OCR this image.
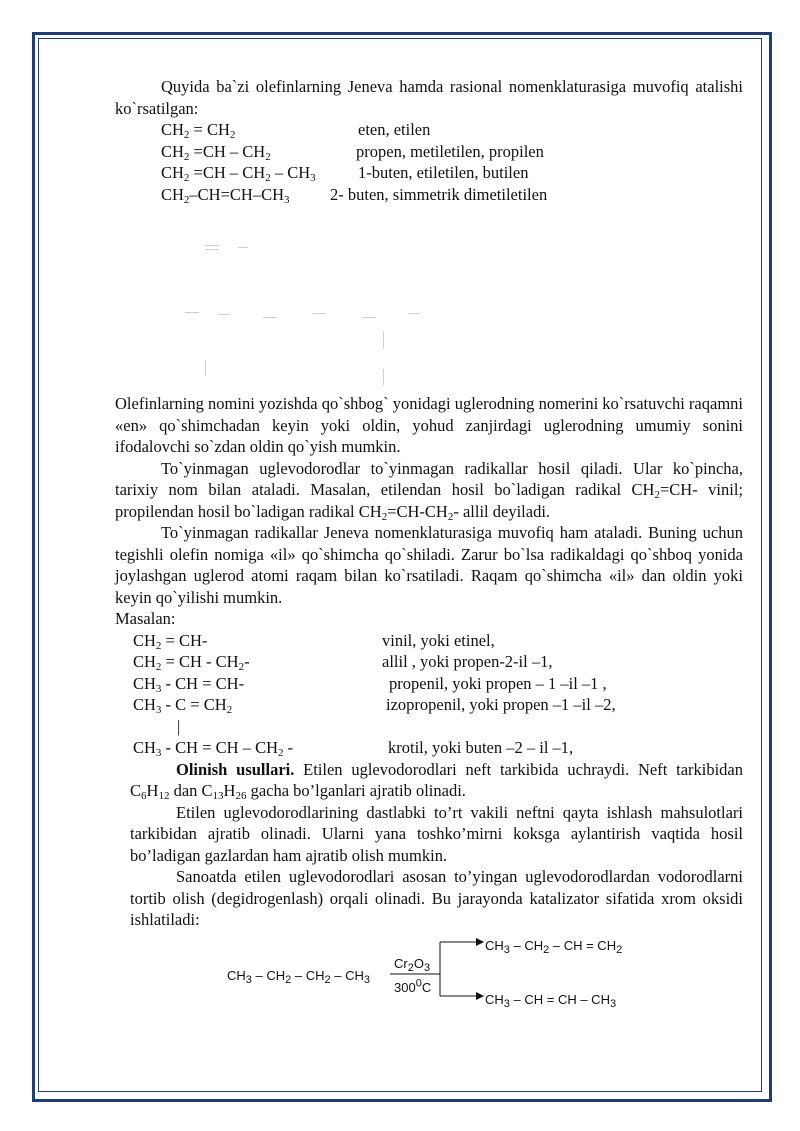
Quyida ba`zi olefinlarning Jeneva hamda rasional nomenklaturasiga muvofiq atalishi ko`rsatilgan:

$CH_2 = CH_2$	eten, etilen
$CH_2 =CH - CH_2$	propen, metiletilen, propilen
$CH_2 =CH - CH_2 - CH_3$	1-buten, etiletilen, butilen
$CH_2-CH=CH-CH_3$ 2- buten, simmetrik dimetiletilen

Olefinlarning nomini yozishda qo`shbog` yonidagi uglerodning nomerini ko`rsatuvchi raqamni «en» qo`shimchadan keyin yoki oldin, yohud zanjirdagi uglerodning umumiy sonini ifodalovchi so`zdan oldin qo`yish mumkin.

To`yinmagan uglevodorodlar to`yinmagan radikallar hosil qiladi. Ular ko`pincha, tarixiy nom bilan ataladi. Masalan, etilendan hosil bo`ladigan radikal $CH_2=CH-$ vinil; propilendan hosil bo`ladigan radikal $CH_2=CH-CH_2-$ allil deyiladi.

To`yinmagan radikallar Jeneva nomenklaturasiga muvofiq ham ataladi. Buning uchun tegishli olefin nomiga «il» qo`shimcha qo`shiladi. Zarur bo`lsa radikaldagi qo`shboq yonida joylashgan uglerod atomi raqam bilan ko`rsatiladi. Raqam qo`shimcha «il» dan oldin yoki keyin qo`yilishi mumkin.

Masalan:

$CH_2 = CH-$	vinil, yoki etinel,
$CH_2$ = CH - $CH_2-$	allil , yoki propen-2-il –1,
$CH_3$ - CH = CH-	propenil, yoki propen – 1 –il –1 ,
$CH_3 - C = CH_2$	izopropenil, yoki propen –1 –il –2,
|
$CH_3$ - CH = CH – $CH_2$ -	krotil, yoki buten –2 – il –1,

Olinish usullari. Etilen uglevodorodlari neft tarkibida uchraydi. Neft tarkibidan $C_6H_{12}$ dan $C_{13}H_{26}$ gacha bo’lganlari ajratib olinadi.

Etilen uglevodorodlarining dastlabki to’rt vakili neftni qayta ishlash mahsulotlari tarkibidan ajratib olinadi. Ularni yana toshko’mirni koksga aylantirish vaqtida hosil bo’ladigan gazlardan ham ajratib olish mumkin.

Sanoatda etilen uglevodorodlari asosan to’yingan uglevodorodlardan vodorodlarni tortib olish (degidrogenlash) orqali olinadi. Bu jarayonda katalizator sifatida xrom oksidi ishlatiladi:

$CH_3 - CH_2 - CH_2 - CH_3$
$Cr_2O_3$
$300^0C$
$CH_3 - CH_2$ – CH = $CH_2$
$CH_3$ – CH = CH – $CH_3$
